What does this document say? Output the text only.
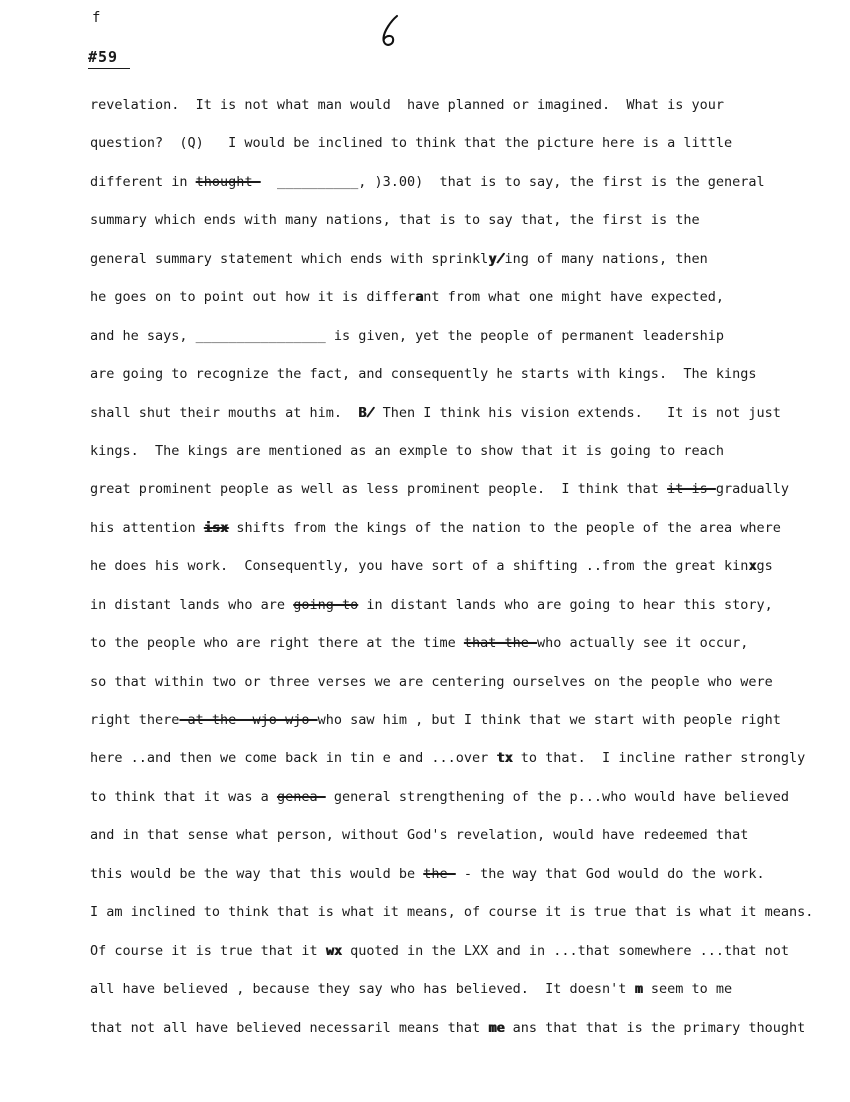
f
#59
revelation.  It is not what man would  have planned or imagined.  What is your
question?  (Q)   I would be inclined to think that the picture here is a little
different in thought-  __________, )3.00)  that is to say, the first is the general
summary which ends with many nations, that is to say that, the first is the
general summary statement which ends with sprinkly̸ing of many nations, then
he goes on to point out how it is differant from what one might have expected,
and he says, ________________ is given, yet the people of permanent leadership
are going to recognize the fact, and consequently he starts with kings.  The kings
shall shut their mouths at him.  B̸ Then I think his vision extends.   It is not just
kings.  The kings are mentioned as an exmple to show that it is going to reach
great prominent people as well as less prominent people.  I think that it is-gradually
his attention isx shifts from the kings of the nation to the people of the area where
he does his work.  Consequently, you have sort of a shifting ..from the great kinxgs
in distant lands who are going to in distant lands who are going to hear this story,
to the people who are right there at the time that the-who actually see it occur,
so that within two or three verses we are centering ourselves on the people who were
right there-at the- wjo-wjo-who saw him , but I think that we start with people right
here ..and then we come back in tin e and ...over tx to that.  I incline rather strongly
to think that it was a genea- general strengthening of the p...who would have believed
and in that sense what person, without God's revelation, would have redeemed that
this would be the way that this would be the- - the way that God would do the work.
I am inclined to think that is what it means, of course it is true that is what it means.
Of course it is true that it wx quoted in the LXX and in ...that somewhere ...that not
all have believed , because they say who has believed.  It doesn't m seem to me
that not all have believed necessaril means that me ans that that is the primary thought
